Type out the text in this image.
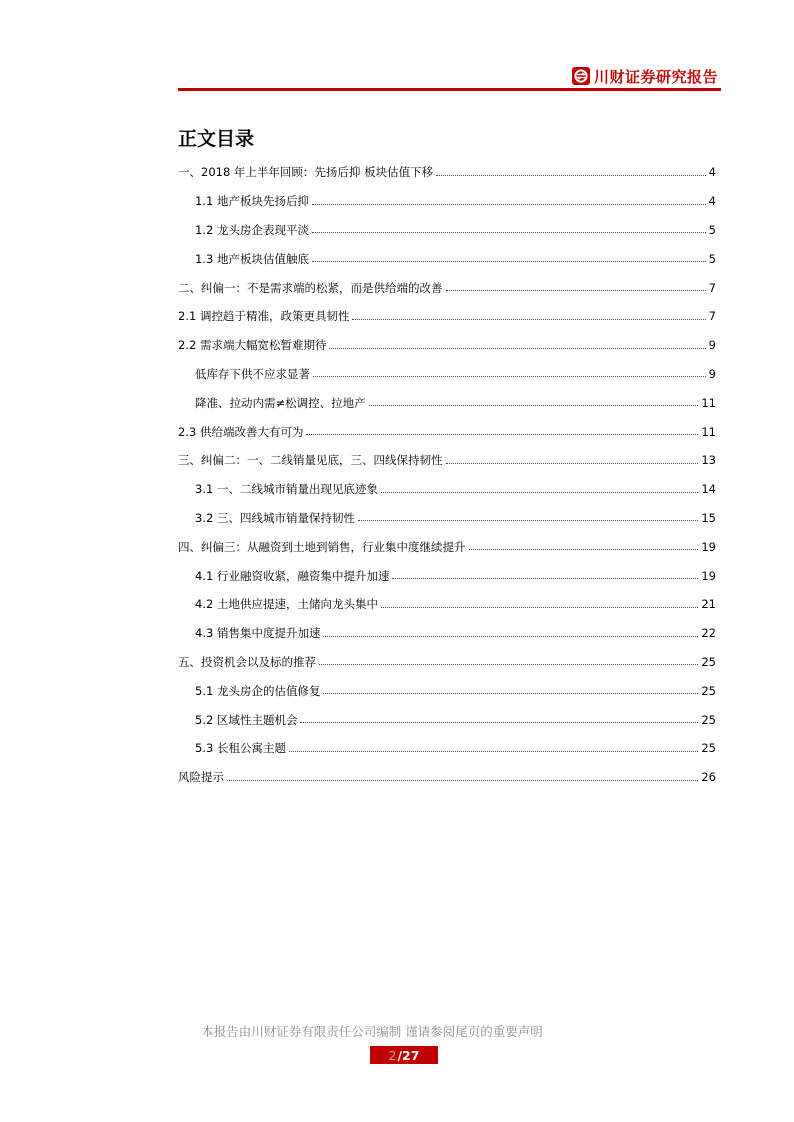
川财证券研究报告
正文目录
一、2018 年上半年回顾：先扬后抑 板块估值下移	4
1.1 地产板块先扬后抑	4
1.2 龙头房企表现平淡	5
1.3 地产板块估值触底	5
二、纠偏一：不是需求端的松紧，而是供给端的改善	7
2.1 调控趋于精准，政策更具韧性	7
2.2 需求端大幅宽松暂难期待	9
低库存下供不应求显著	9
降准、拉动内需≠松调控、拉地产	11
2.3 供给端改善大有可为	11
三、纠偏二：一、二线销量见底，三、四线保持韧性	13
3.1 一、二线城市销量出现见底迹象	14
3.2 三、四线城市销量保持韧性	15
四、纠偏三：从融资到土地到销售，行业集中度继续提升	19
4.1 行业融资收紧，融资集中提升加速	19
4.2 土地供应提速，土储向龙头集中	21
4.3 销售集中度提升加速	22
五、投资机会以及标的推荐	25
5.1 龙头房企的估值修复	25
5.2 区域性主题机会	25
5.3 长租公寓主题	25
风险提示	26
本报告由川财证券有限责任公司编制 谨请参阅尾页的重要声明
2 /27
